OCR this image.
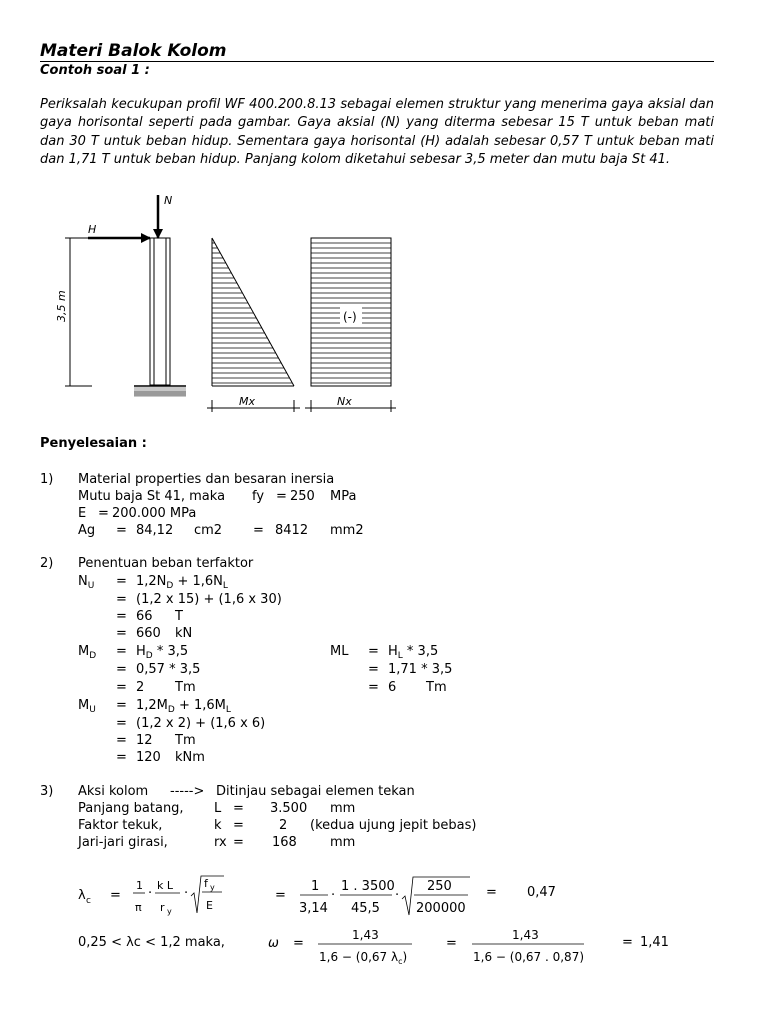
Materi Balok Kolom
Contoh soal 1 :
Periksalah kecukupan profil WF 400.200.8.13 sebagai elemen struktur yang menerima gaya aksial dan gaya horisontal seperti pada gambar. Gaya aksial (N) yang diterma sebesar 15 T untuk beban mati dan 30 T untuk beban hidup. Sementara gaya horisontal (H) adalah sebesar 0,57 T untuk beban mati dan 1,71 T untuk beban hidup. Panjang kolom diketahui sebesar 3,5 meter dan mutu baja St 41.
N
H
3,5 m	(-)
Mx	Nx
Penyelesaian :
1) Material properties dan besaran inersia
Mutu baja St 41, maka fy = 250 MPa
E = 200.000 MPa
Ag = 84,12 cm2 = 8412 mm2
2) Penentuan beban terfaktor
$N_U = 1,2N_D + 1,6N_L$
= (1,2 x 15) + (1,6 x 30)
= 66 T
= 660 kN
$M_D = H_D * 3,5$
= 0,57 * 3,5
= 2 Tm
ML = $H_L * 3,5$
= 1,71 * 3,5
= 6 Tm
$M_U = 1,2M_D + 1,6M_L$
= (1,2 x 2) + (1,6 x 6)
= 12 Tm
= 120 kNm
3) Aksi kolom -----> Ditinjau sebagai elemen tekan
Panjang batang, L = 3.500 mm
Faktor tekuk,	k =	2 (kedua ujung jepit bebas)
Jari-jari girasi,	rx = 168	mm
λ c =
1
π
·
k L
r y
·
f y
E
=
1
3,14
·
1 . 3500
45,5
·
250
200000
= 0,47
0,25 < λc < 1,2 maka,	ω =
1,43
1,6 − (0,67 $\lambda_c$)
=
1,43
1,6 − (0,67 . 0,87)
= 1,41
